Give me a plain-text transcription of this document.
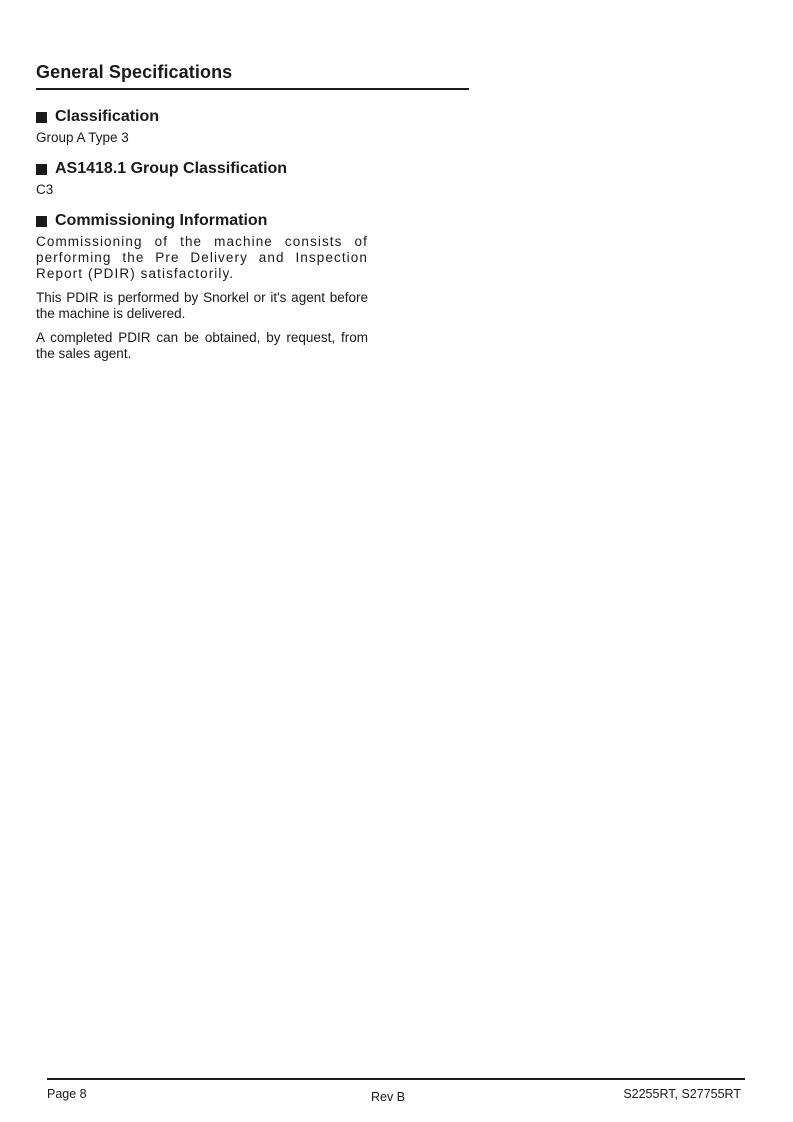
General Specifications
Classification

Group A Type 3

AS1418.1 Group Classification

C3

Commissioning Information

Commissioning of the machine consists of performing the Pre Delivery and Inspection Report (PDIR) satisfactorily.

This PDIR is performed by Snorkel or it's agent before the machine is delivered.

A completed PDIR can be obtained, by request, from the sales agent.

Page 8	Rev B	S2255RT, S27755RT
